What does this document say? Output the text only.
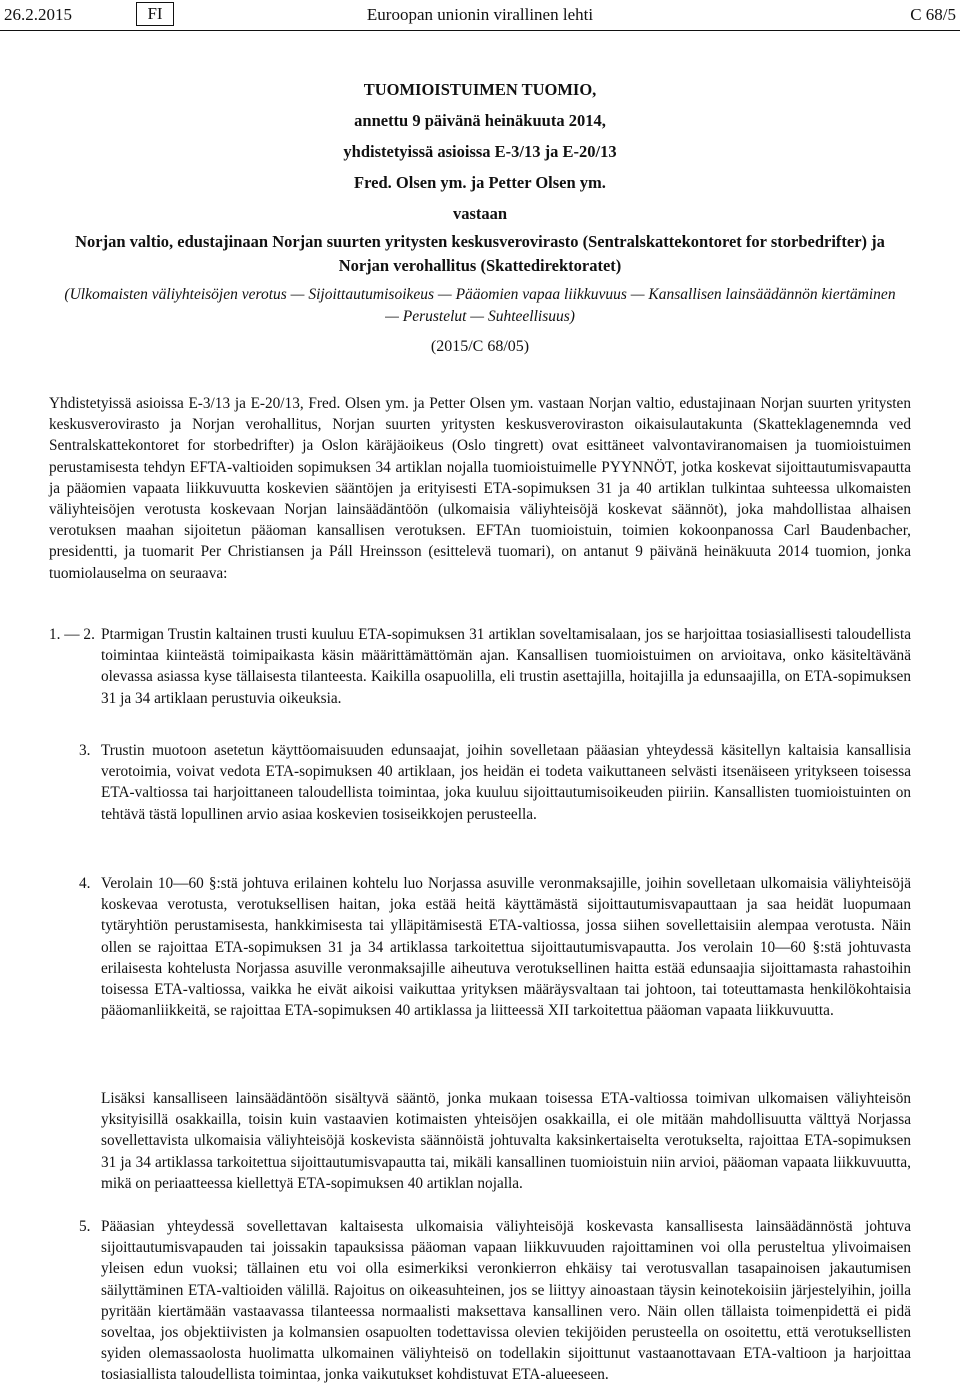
26.2.2015	FI	Euroopan unionin virallinen lehti	C 68/5
TUOMIOISTUIMEN TUOMIO,
annettu 9 päivänä heinäkuuta 2014,
yhdistetyissä asioissa E-3/13 ja E-20/13
Fred. Olsen ym. ja Petter Olsen ym.
vastaan
Norjan valtio, edustajinaan Norjan suurten yritysten keskusverovirasto (Sentralskattekontoret for storbedrifter) ja Norjan verohallitus (Skattedirektoratet)
(Ulkomaisten väliyhteisöjen verotus — Sijoittautumisoikeus — Pääomien vapaa liikkuvuus — Kansallisen lainsäädännön kiertäminen — Perustelut — Suhteellisuus)
(2015/C 68/05)
Yhdistetyissä asioissa E-3/13 ja E-20/13, Fred. Olsen ym. ja Petter Olsen ym. vastaan Norjan valtio, edustajinaan Norjan suurten yritysten keskusverovirasto ja Norjan verohallitus, Norjan suurten yritysten keskusveroviraston oikaisulautakunta (Skatteklagenemnda ved Sentralskattekontoret for storbedrifter) ja Oslon käräjäoikeus (Oslo tingrett) ovat esittäneet valvontaviranomaisen ja tuomioistuimen perustamisesta tehdyn EFTA-valtioiden sopimuksen 34 artiklan nojalla tuomioistuimelle PYYNNÖT, jotka koskevat sijoittautumisvapautta ja pääomien vapaata liikkuvuutta koskevien sääntöjen ja erityisesti ETA-sopimuksen 31 ja 40 artiklan tulkintaa suhteessa ulkomaisten väliyhteisöjen verotusta koskevaan Norjan lainsäädäntöön (ulkomaisia väliyhteisöjä koskevat säännöt), joka mahdollistaa alhaisen verotuksen maahan sijoitetun pääoman kansallisen verotuksen. EFTAn tuomioistuin, toimien kokoonpanossa Carl Baudenbacher, presidentti, ja tuomarit Per Christiansen ja Páll Hreinsson (esittelevä tuomari), on antanut 9 päivänä heinäkuuta 2014 tuomion, jonka tuomiolauselma on seuraava:
1. — 2. Ptarmigan Trustin kaltainen trusti kuuluu ETA-sopimuksen 31 artiklan soveltamisalaan, jos se harjoittaa tosiasiallisesti taloudellista toimintaa kiinteästä toimipaikasta käsin määrittämättömän ajan. Kansallisen tuomioistuimen on arvioitava, onko käsiteltävänä olevassa asiassa kyse tällaisesta tilanteesta. Kaikilla osapuolilla, eli trustin asettajilla, hoitajilla ja edunsaajilla, on ETA-sopimuksen 31 ja 34 artiklaan perustuvia oikeuksia.
3. Trustin muotoon asetetun käyttöomaisuuden edunsaajat, joihin sovelletaan pääasian yhteydessä käsitellyn kaltaisia kansallisia verotoimia, voivat vedota ETA-sopimuksen 40 artiklaan, jos heidän ei todeta vaikuttaneen selvästi itsenäiseen yritykseen toisessa ETA-valtiossa tai harjoittaneen taloudellista toimintaa, joka kuuluu sijoittautumisoikeuden piiriin. Kansallisten tuomioistuinten on tehtävä tästä lopullinen arvio asiaa koskevien tosiseikkojen perusteella.
4. Verolain 10—60 §:stä johtuva erilainen kohtelu luo Norjassa asuville veronmaksajille, joihin sovelletaan ulkomaisia väliyhteisöjä koskevaa verotusta, verotuksellisen haitan, joka estää heitä käyttämästä sijoittautumisvapauttaan ja saa heidät luopumaan tytäryhtiön perustamisesta, hankkimisesta tai ylläpitämisestä ETA-valtiossa, jossa siihen sovellettaisiin alempaa verotusta. Näin ollen se rajoittaa ETA-sopimuksen 31 ja 34 artiklassa tarkoitettua sijoittautumisvapautta. Jos verolain 10—60 §:stä johtuvasta erilaisesta kohtelusta Norjassa asuville veronmaksajille aiheutuva verotuksellinen haitta estää edunsaajia sijoittamasta rahastoihin toisessa ETA-valtiossa, vaikka he eivät aikoisi vaikuttaa yrityksen määräysvaltaan tai johtoon, tai toteuttamasta henkilökohtaisia pääomanliikkeitä, se rajoittaa ETA-sopimuksen 40 artiklassa ja liitteessä XII tarkoitettua pääoman vapaata liikkuvuutta.
Lisäksi kansalliseen lainsäädäntöön sisältyvä sääntö, jonka mukaan toisessa ETA-valtiossa toimivan ulkomaisen väliyhteisön yksityisillä osakkailla, toisin kuin vastaavien kotimaisten yhteisöjen osakkailla, ei ole mitään mahdollisuutta välttyä Norjassa sovellettavista ulkomaisia väliyhteisöjä koskevista säännöistä johtuvalta kaksinkertaiselta verotukselta, rajoittaa ETA-sopimuksen 31 ja 34 artiklassa tarkoitettua sijoittautumisvapautta tai, mikäli kansallinen tuomioistuin niin arvioi, pääoman vapaata liikkuvuutta, mikä on periaatteessa kiellettyä ETA-sopimuksen 40 artiklan nojalla.
5. Pääasian yhteydessä sovellettavan kaltaisesta ulkomaisia väliyhteisöjä koskevasta kansallisesta lainsäädännöstä johtuva sijoittautumisvapauden tai joissakin tapauksissa pääoman vapaan liikkuvuuden rajoittaminen voi olla perusteltua ylivoimaisen yleisen edun vuoksi; tällainen etu voi olla esimerkiksi veronkierron ehkäisy tai verotusvallan tasapainoisen jakautumisen säilyttäminen ETA-valtioiden välillä. Rajoitus on oikeasuhteinen, jos se liittyy ainoastaan täysin keinotekoisiin järjestelyihin, joilla pyritään kiertämään vastaavassa tilanteessa normaalisti maksettava kansallinen vero. Näin ollen tällaista toimenpidettä ei pidä soveltaa, jos objektiivisten ja kolmansien osapuolten todettavissa olevien tekijöiden perusteella on osoitettu, että verotuksellisten syiden olemassaolosta huolimatta ulkomainen väliyhteisö on todellakin sijoittunut vastaanottavaan ETA-valtioon ja harjoittaa tosiasiallista taloudellista toimintaa, jonka vaikutukset kohdistuvat ETA-alueeseen.
